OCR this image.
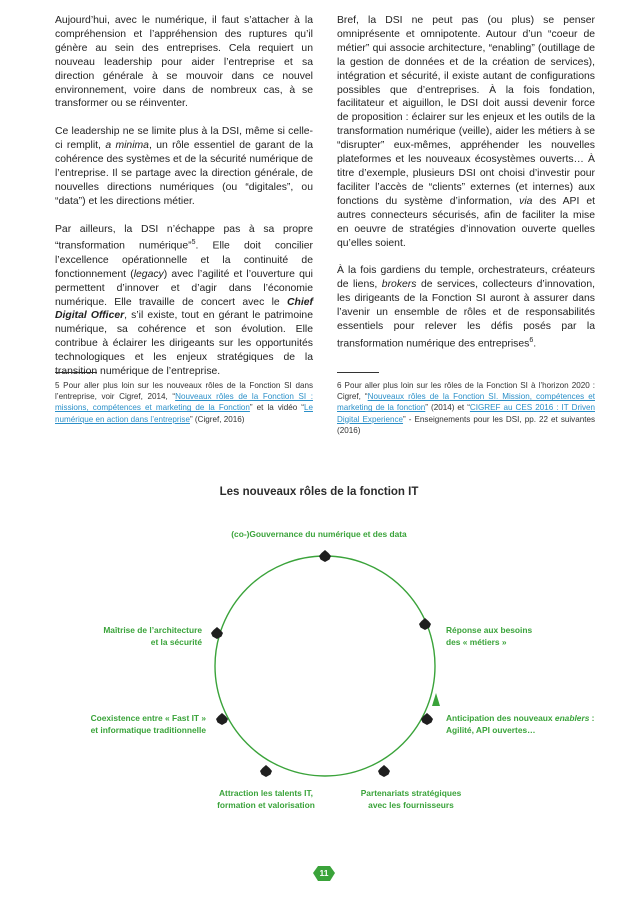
Aujourd’hui, avec le numérique, il faut s’attacher à la compréhension et l’appréhension des ruptures qu’il génère au sein des entreprises. Cela requiert un nouveau leadership pour aider l’entreprise et sa direction générale à se mouvoir dans ce nouvel environnement, voire dans de nombreux cas, à se transformer ou se réinventer.

Ce leadership ne se limite plus à la DSI, même si celle-ci remplit, a minima, un rôle essentiel de garant de la cohérence des systèmes et de la sécurité numérique de l’entreprise. Il se partage avec la direction générale, de nouvelles directions numériques (ou “digitales”, ou “data”) et les directions métier.

Par ailleurs, la DSI n’échappe pas à sa propre “transformation numérique”$^5$. Elle doit concilier l’excellence opérationnelle et la continuité de fonctionnement (legacy) avec l’agilité et l’ouverture qui permettent d’innover et d’agir dans l’économie numérique. Elle travaille de concert avec le Chief Digital Officer, s’il existe, tout en gérant le patrimoine numérique, sa cohérence et son évolution. Elle contribue à éclairer les dirigeants sur les opportunités technologiques et les enjeux stratégiques de la transition numérique de l’entreprise.

Bref, la DSI ne peut pas (ou plus) se penser omniprésente et omnipotente. Autour d’un “coeur de métier” qui associe architecture, “enabling” (outillage de la gestion de données et de la création de services), intégration et sécurité, il existe autant de configurations possibles que d’entreprises. À la fois fondation, facilitateur et aiguillon, le DSI doit aussi devenir force de proposition : éclairer sur les enjeux et les outils de la transformation numérique (veille), aider les métiers à se “disrupter” eux-mêmes, appréhender les nouvelles plateformes et les nouveaux écosystèmes ouverts… À titre d’exemple, plusieurs DSI ont choisi d’investir pour faciliter l’accès de “clients” externes (et internes) aux fonctions du système d’information, via des API et autres connecteurs sécurisés, afin de faciliter la mise en oeuvre de stratégies d’innovation ouverte quelles qu’elles soient.

À la fois gardiens du temple, orchestrateurs, créateurs de liens, brokers de services, collecteurs d’innovation, les dirigeants de la Fonction SI auront à assurer dans l’avenir un ensemble de rôles et de responsabilités essentiels pour relever les défis posés par la transformation numérique des entreprises$^6$.

5 Pour aller plus loin sur les nouveaux rôles de la Fonction SI dans l’entreprise, voir Cigref, 2014, “Nouveaux rôles de la Fonction SI : missions, compétences et marketing de la Fonction” et la vidéo “Le numérique en action dans l’entreprise” (Cigref, 2016)
6 Pour aller plus loin sur les rôles de la Fonction SI à l’horizon 2020 : Cigref, “Nouveaux rôles de la Fonction SI. Mission, compétences et marketing de la fonction” (2014) et “CIGREF au CES 2016 : IT Driven Digital Experience” - Enseignements pour les DSI, pp. 22 et suivantes (2016)
Les nouveaux rôles de la fonction IT
(co-)Gouvernance du numérique et des data
Maîtrise de l’architecture
et la sécurité
Réponse aux besoins
des « métiers »
Coexistence entre « Fast IT »
et informatique traditionnelle
Anticipation des nouveaux enablers :
Agilité, API ouvertes…
Attraction les talents IT,
formation et valorisation
Partenariats stratégiques
avec les fournisseurs
11
